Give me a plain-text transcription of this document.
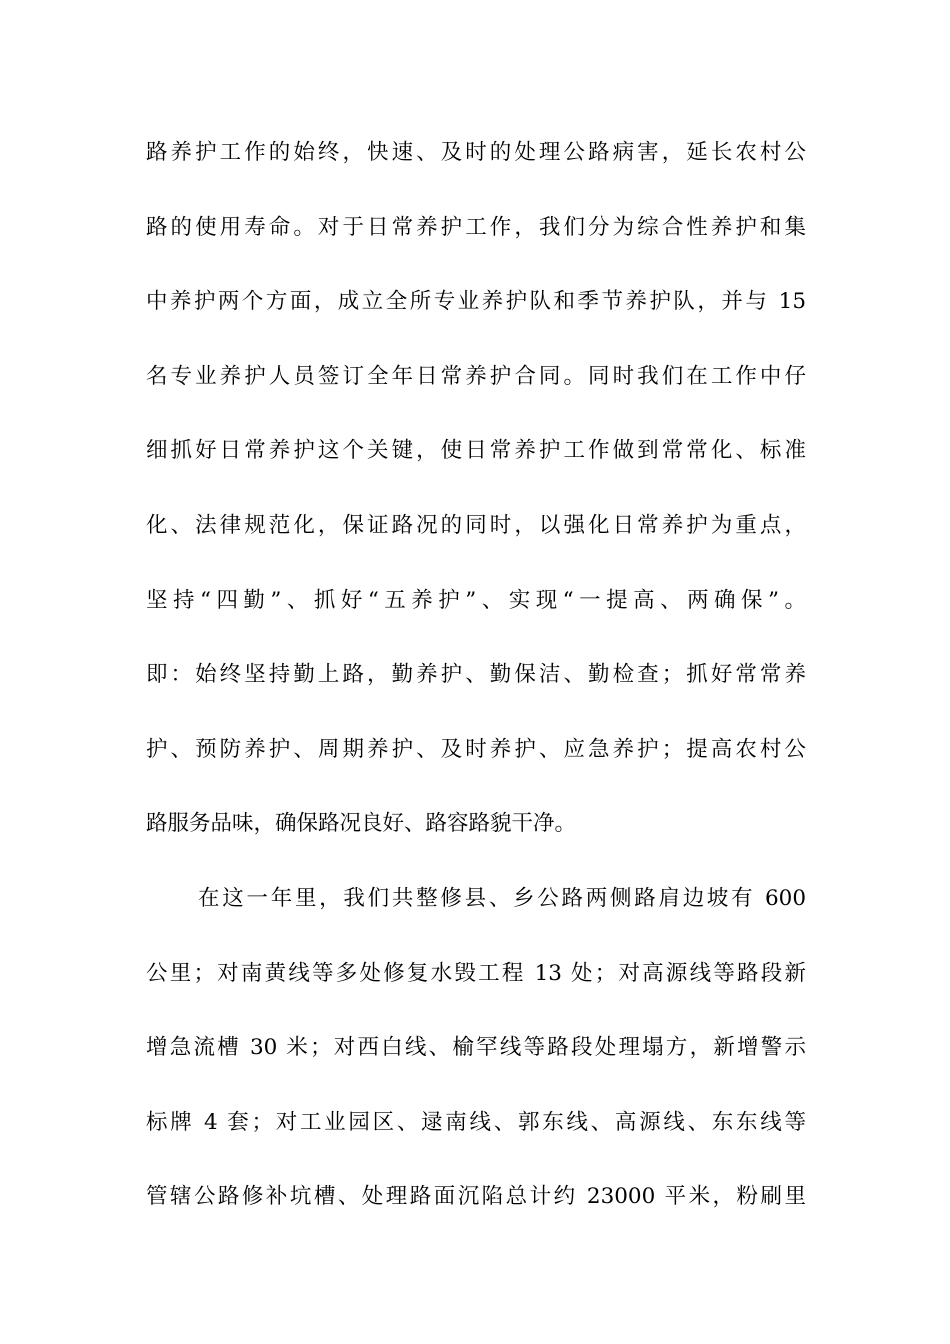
路养护工作的始终，快速、及时的处理公路病害，延长农村公
路的使用寿命。对于日常养护工作，我们分为综合性养护和集
中养护两个方面，成立全所专业养护队和季节养护队，并与 15
名专业养护人员签订全年日常养护合同。同时我们在工作中仔
细抓好日常养护这个关键，使日常养护工作做到常常化、标准
化、法律规范化，保证路况的同时，以强化日常养护为重点，
坚持“四勤”、抓好“五养护”、实现“一提高、两确保”。
即：始终坚持勤上路，勤养护、勤保洁、勤检查；抓好常常养
护、预防养护、周期养护、及时养护、应急养护；提高农村公
路服务品味，确保路况良好、路容路貌干净。
在这一年里，我们共整修县、乡公路两侧路肩边坡有 600
公里；对南黄线等多处修复水毁工程 13 处；对高源线等路段新
增急流槽 30 米；对西白线、榆罕线等路段处理塌方，新增警示
标牌 4 套；对工业园区、逯南线、郭东线、高源线、东东线等
管辖公路修补坑槽、处理路面沉陷总计约 23000 平米，粉刷里
